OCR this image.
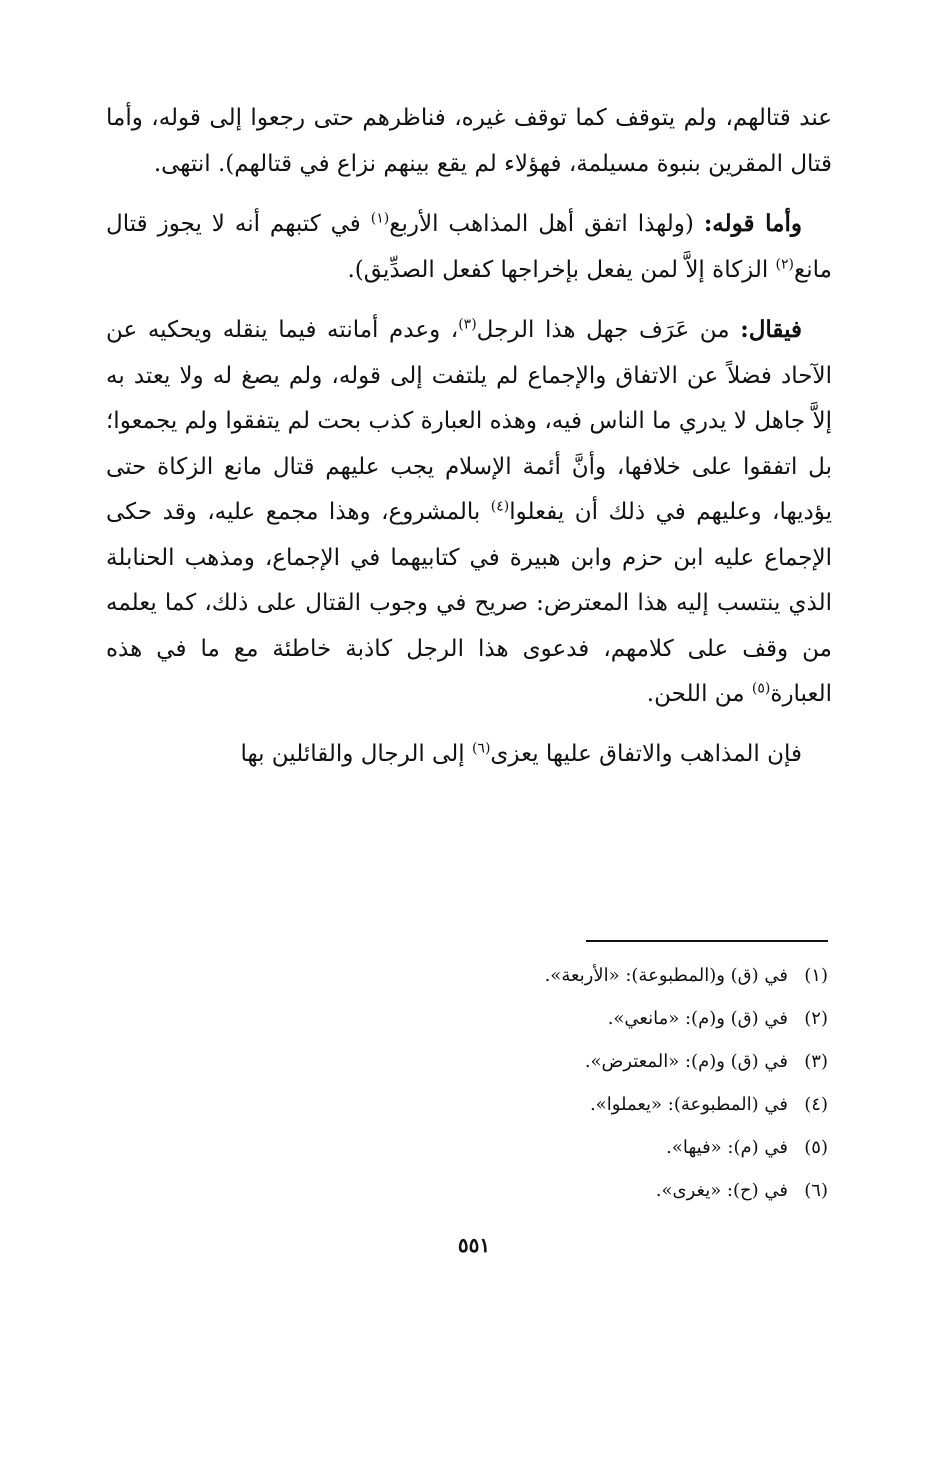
عند قتالهم، ولم يتوقف كما توقف غيره، فناظرهم حتى رجعوا إلى قوله، وأما قتال المقرين بنبوة مسيلمة، فهؤلاء لم يقع بينهم نزاع في قتالهم). انتهى.

وأما قوله: (ولهذا اتفق أهل المذاهب الأربع$^{(١)}$ في كتبهم أنه لا يجوز قتال مانع$^{(٢)}$ الزكاة إلاَّ لمن يفعل بإخراجها كفعل الصدِّيق).

فيقال: من عَرَف جهل هذا الرجل$^{(٣)}$، وعدم أمانته فيما ينقله ويحكيه عن الآحاد فضلاً عن الاتفاق والإجماع لم يلتفت إلى قوله، ولم يصغ له ولا يعتد به إلاَّ جاهل لا يدري ما الناس فيه، وهذه العبارة كذب بحت لم يتفقوا ولم يجمعوا؛ بل اتفقوا على خلافها، وأنَّ أئمة الإسلام يجب عليهم قتال مانع الزكاة حتى يؤديها، وعليهم في ذلك أن يفعلوا$^{(٤)}$ بالمشروع، وهذا مجمع عليه، وقد حكى الإجماع عليه ابن حزم وابن هبيرة في كتابيهما في الإجماع، ومذهب الحنابلة الذي ينتسب إليه هذا المعترض: صريح في وجوب القتال على ذلك، كما يعلمه من وقف على كلامهم، فدعوى هذا الرجل كاذبة خاطئة مع ما في هذه العبارة$^{(٥)}$ من اللحن.

فإن المذاهب والاتفاق عليها يعزى$^{(٦)}$ إلى الرجال والقائلين بها

(١)في (ق) و(المطبوعة): «الأربعة».
(٢)في (ق) و(م): «مانعي».
(٣)في (ق) و(م): «المعترض».
(٤)في (المطبوعة): «يعملوا».
(٥)في (م): «فيها».
(٦)في (ح): «يغرى».
٥٥١
